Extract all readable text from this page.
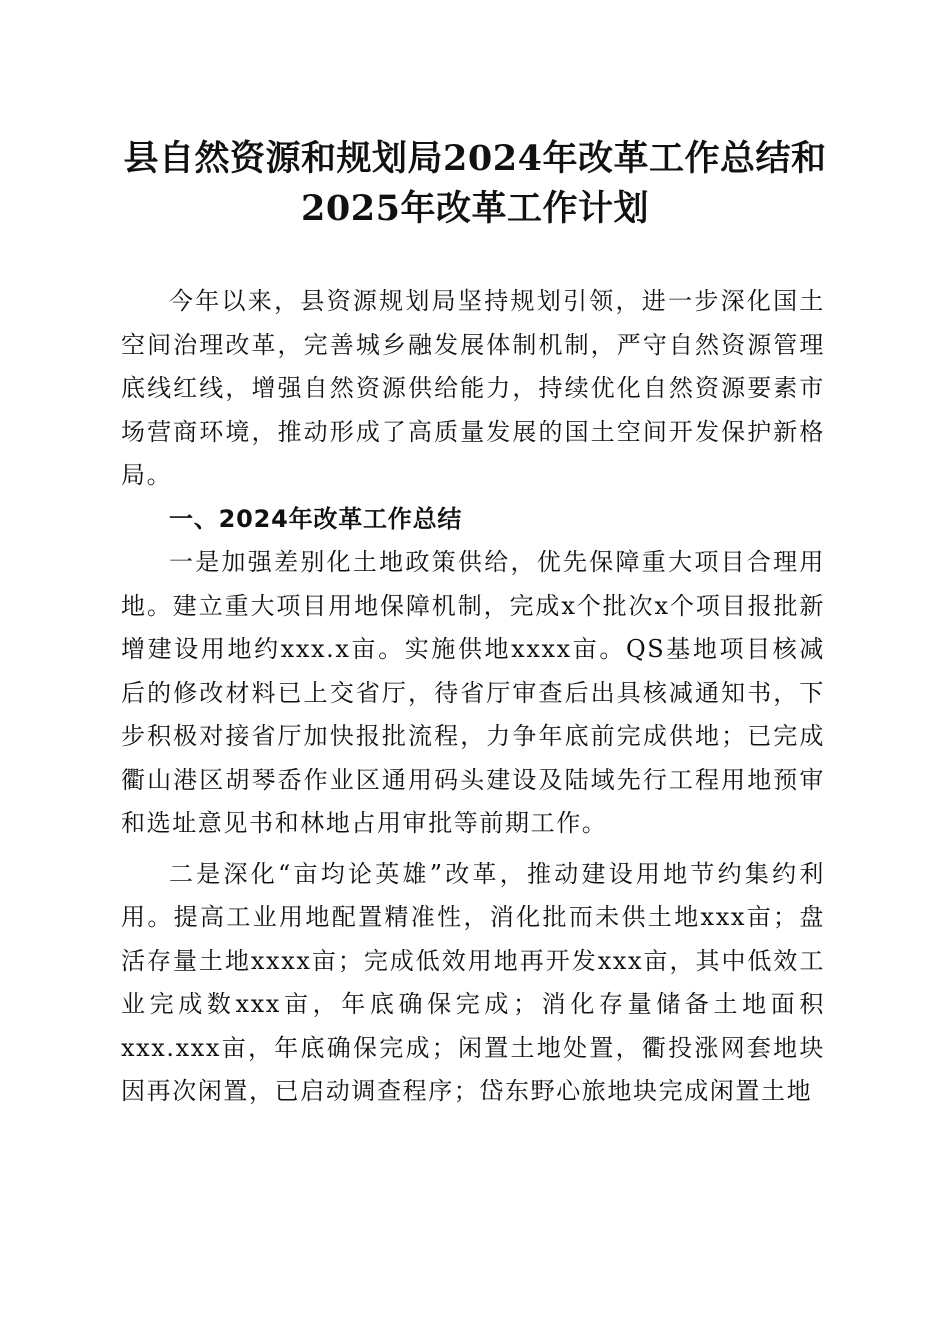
县自然资源和规划局2024年改革工作总结和
2025年改革工作计划

今年以来，县资源规划局坚持规划引领，进一步深化国土空间治理改革，完善城乡融发展体制机制，严守自然资源管理底线红线，增强自然资源供给能力，持续优化自然资源要素市场营商环境，推动形成了高质量发展的国土空间开发保护新格局。

一、2024年改革工作总结

一是加强差别化土地政策供给，优先保障重大项目合理用地。建立重大项目用地保障机制，完成x个批次x个项目报批新增建设用地约xxx.x亩。实施供地xxxx亩。QS基地项目核减后的修改材料已上交省厅，待省厅审查后出具核减通知书，下步积极对接省厅加快报批流程，力争年底前完成供地；已完成衢山港区胡琴岙作业区通用码头建设及陆域先行工程用地预审和选址意见书和林地占用审批等前期工作。

二是深化“亩均论英雄”改革，推动建设用地节约集约利用。提高工业用地配置精准性，消化批而未供土地xxx亩；盘活存量土地xxxx亩；完成低效用地再开发xxx亩，其中低效工业完成数xxx亩，年底确保完成；消化存量储备土地面积xxx.xxx亩，年底确保完成；闲置土地处置，衢投涨网套地块因再次闲置，已启动调查程序；岱东野心旅地块完成闲置土地
